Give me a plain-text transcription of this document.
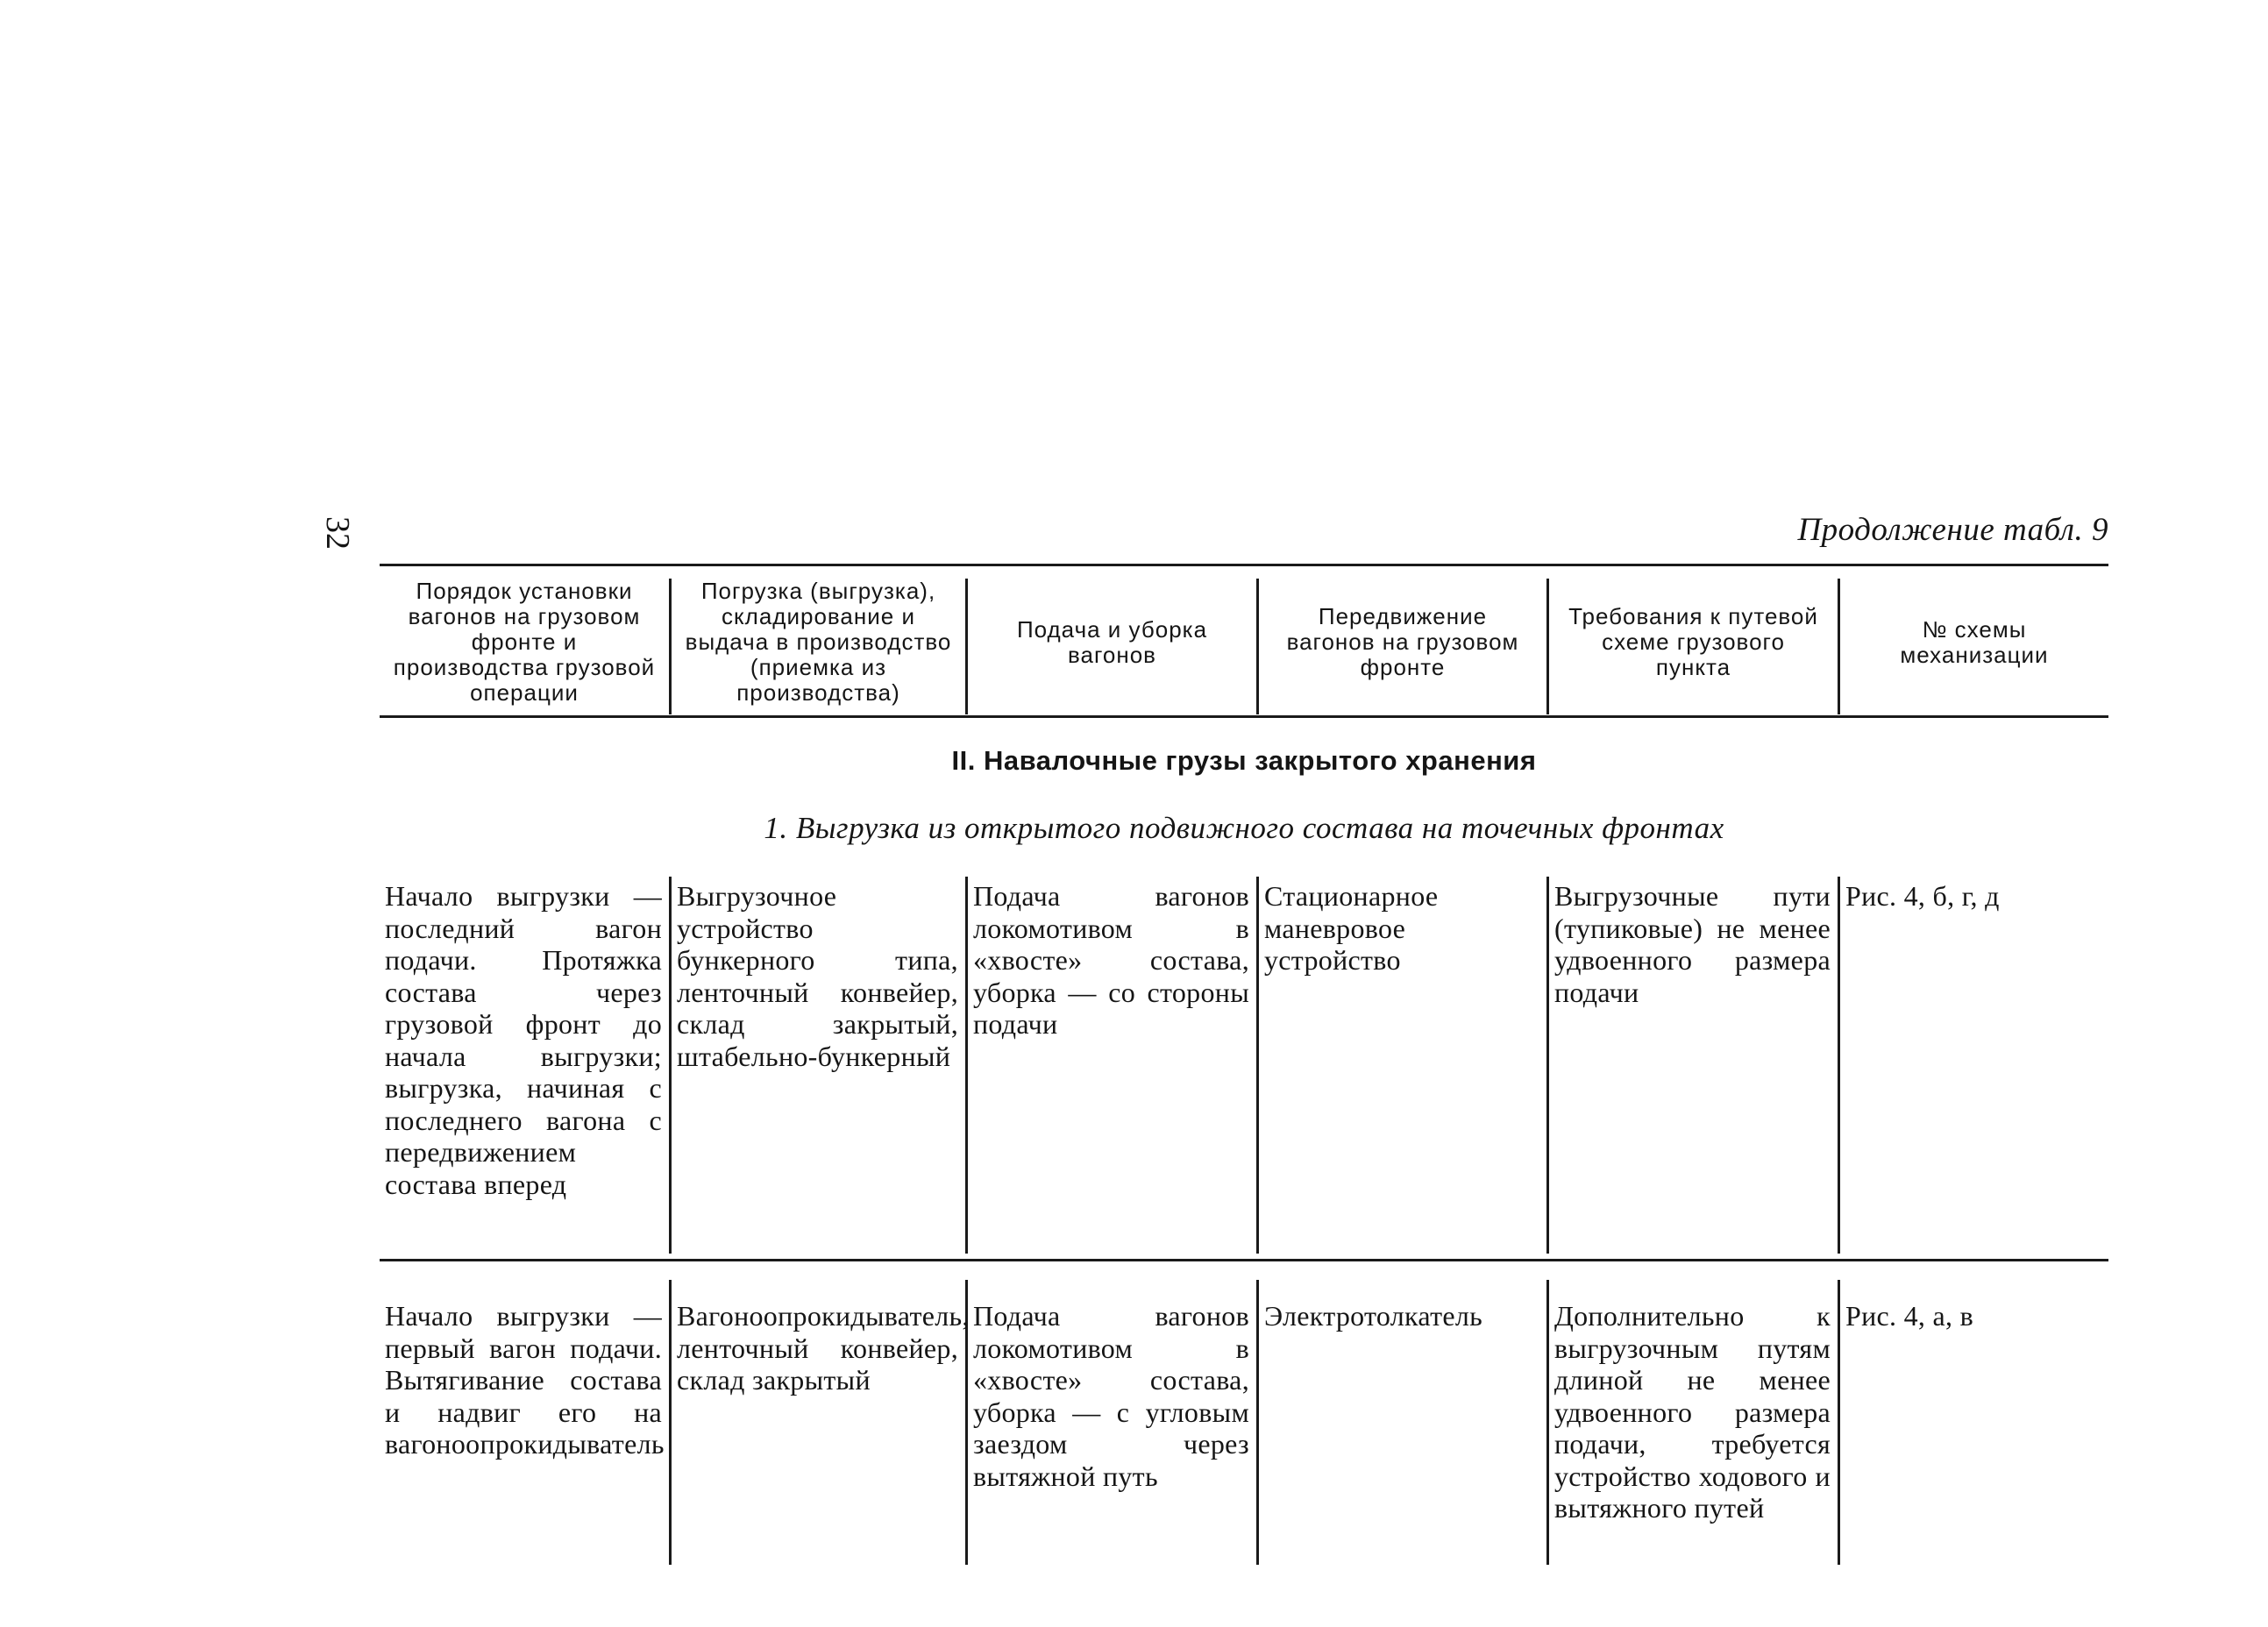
32	Продолжение табл. 9
Порядок установки вагонов на грузовом фронте и производства грузовой операции
Погрузка (выгрузка), складирование и выдача в производство (приемка из производства)
Подача и уборка вагонов
Передвижение вагонов на грузовом фронте
Требования к путевой схеме грузового пункта
№ схемы механизации
II. Навалочные грузы закрытого хранения
1. Выгрузка из открытого подвижного состава на точечных фронтах
Начало выгрузки — последний вагон подачи. Протяжка состава через грузовой фронт до начала выгрузки; выгрузка, начиная с последнего вагона с передвижением состава вперед
Выгрузочное устройство бункерного типа, ленточный конвейер, склад закрытый, штабельно-бункерный
Подача вагонов локомотивом в «хвосте» состава, уборка — со стороны подачи
Стационарное маневровое устройство
Выгрузочные пути (тупиковые) не менее удвоенного размера подачи
Рис. 4, б, г, д
Начало выгрузки — первый вагон подачи. Вытягивание состава и надвиг его на вагоноопрокидыватель
Вагоноопрокидыватель, ленточный конвейер, склад закрытый
Подача вагонов локомотивом в «хвосте» состава, уборка — с угловым заездом через вытяжной путь
Электротолкатель	Дополнительно к выгрузочным путям длиной не менее удвоенного размера подачи, требуется устройство ходового и вытяжного путей
Рис. 4, а, в
